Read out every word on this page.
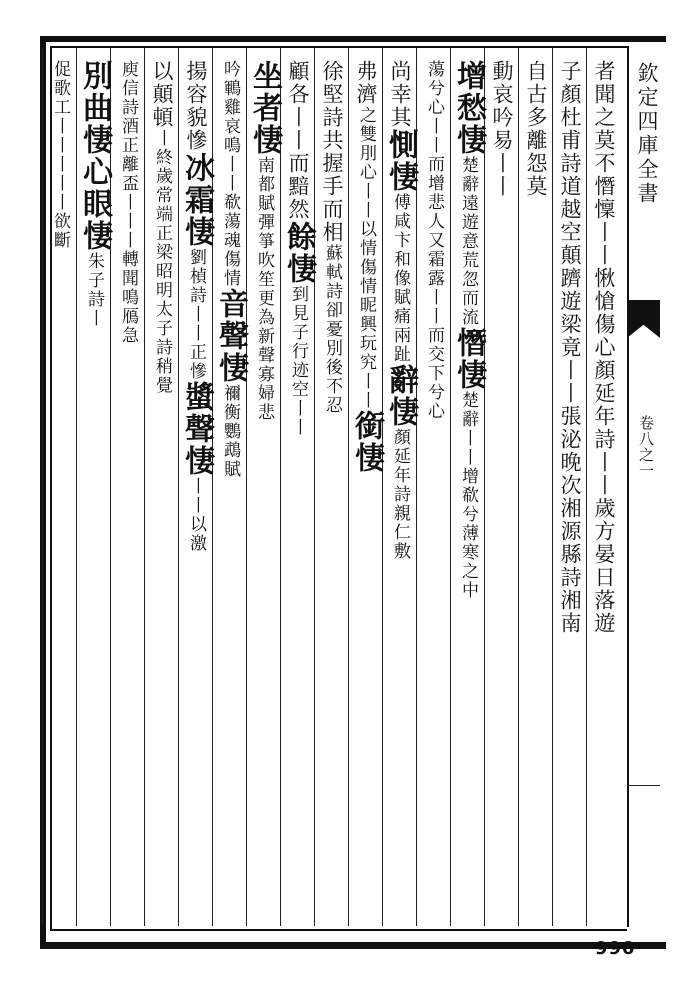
欽定四庫全書
卷八之一
990
者聞之莫不憯懍丨丨愀愴傷心顏延年詩丨丨歲方晏日落遊
子顏杜甫詩道越空顛躋遊梁竟丨丨張泌晚次湘源縣詩湘南
自古多離怨莫
動哀吟易丨丨
增愁悽楚辭遠遊意荒忽而流憯悽楚辭丨丨增欷兮薄寒之中
蕩兮心丨丨而增悲人又霜露丨丨而交下兮心
尚幸其惻悽傅咸卞和像賦痛兩趾辭悽顏延年詩親仁敷
弗濟之雙刖心丨丨以情傷情昵興玩究丨丨銜悽
徐堅詩共握手而相蘇軾詩卻憂別後不忍
顧各丨丨而黯然餘悽到見子行迹空丨丨
坐者悽南都賦彈箏吹笙更為新聲寡婦悲
吟鶤雞哀鳴丨丨欷蕩魂傷情音聲悽禰衡鸚鵡賦
揚容貌慘冰霜悽劉楨詩丨丨正慘螿聲悽丨丨以激
以顛頓丨終歲常端正梁昭明太子詩稍覺
庾信詩酒正離盃丨丨丨轉聞鳴鴈急
別曲悽心眼悽朱子詩丨
促歌工丨丨丨丨丨欲斷
